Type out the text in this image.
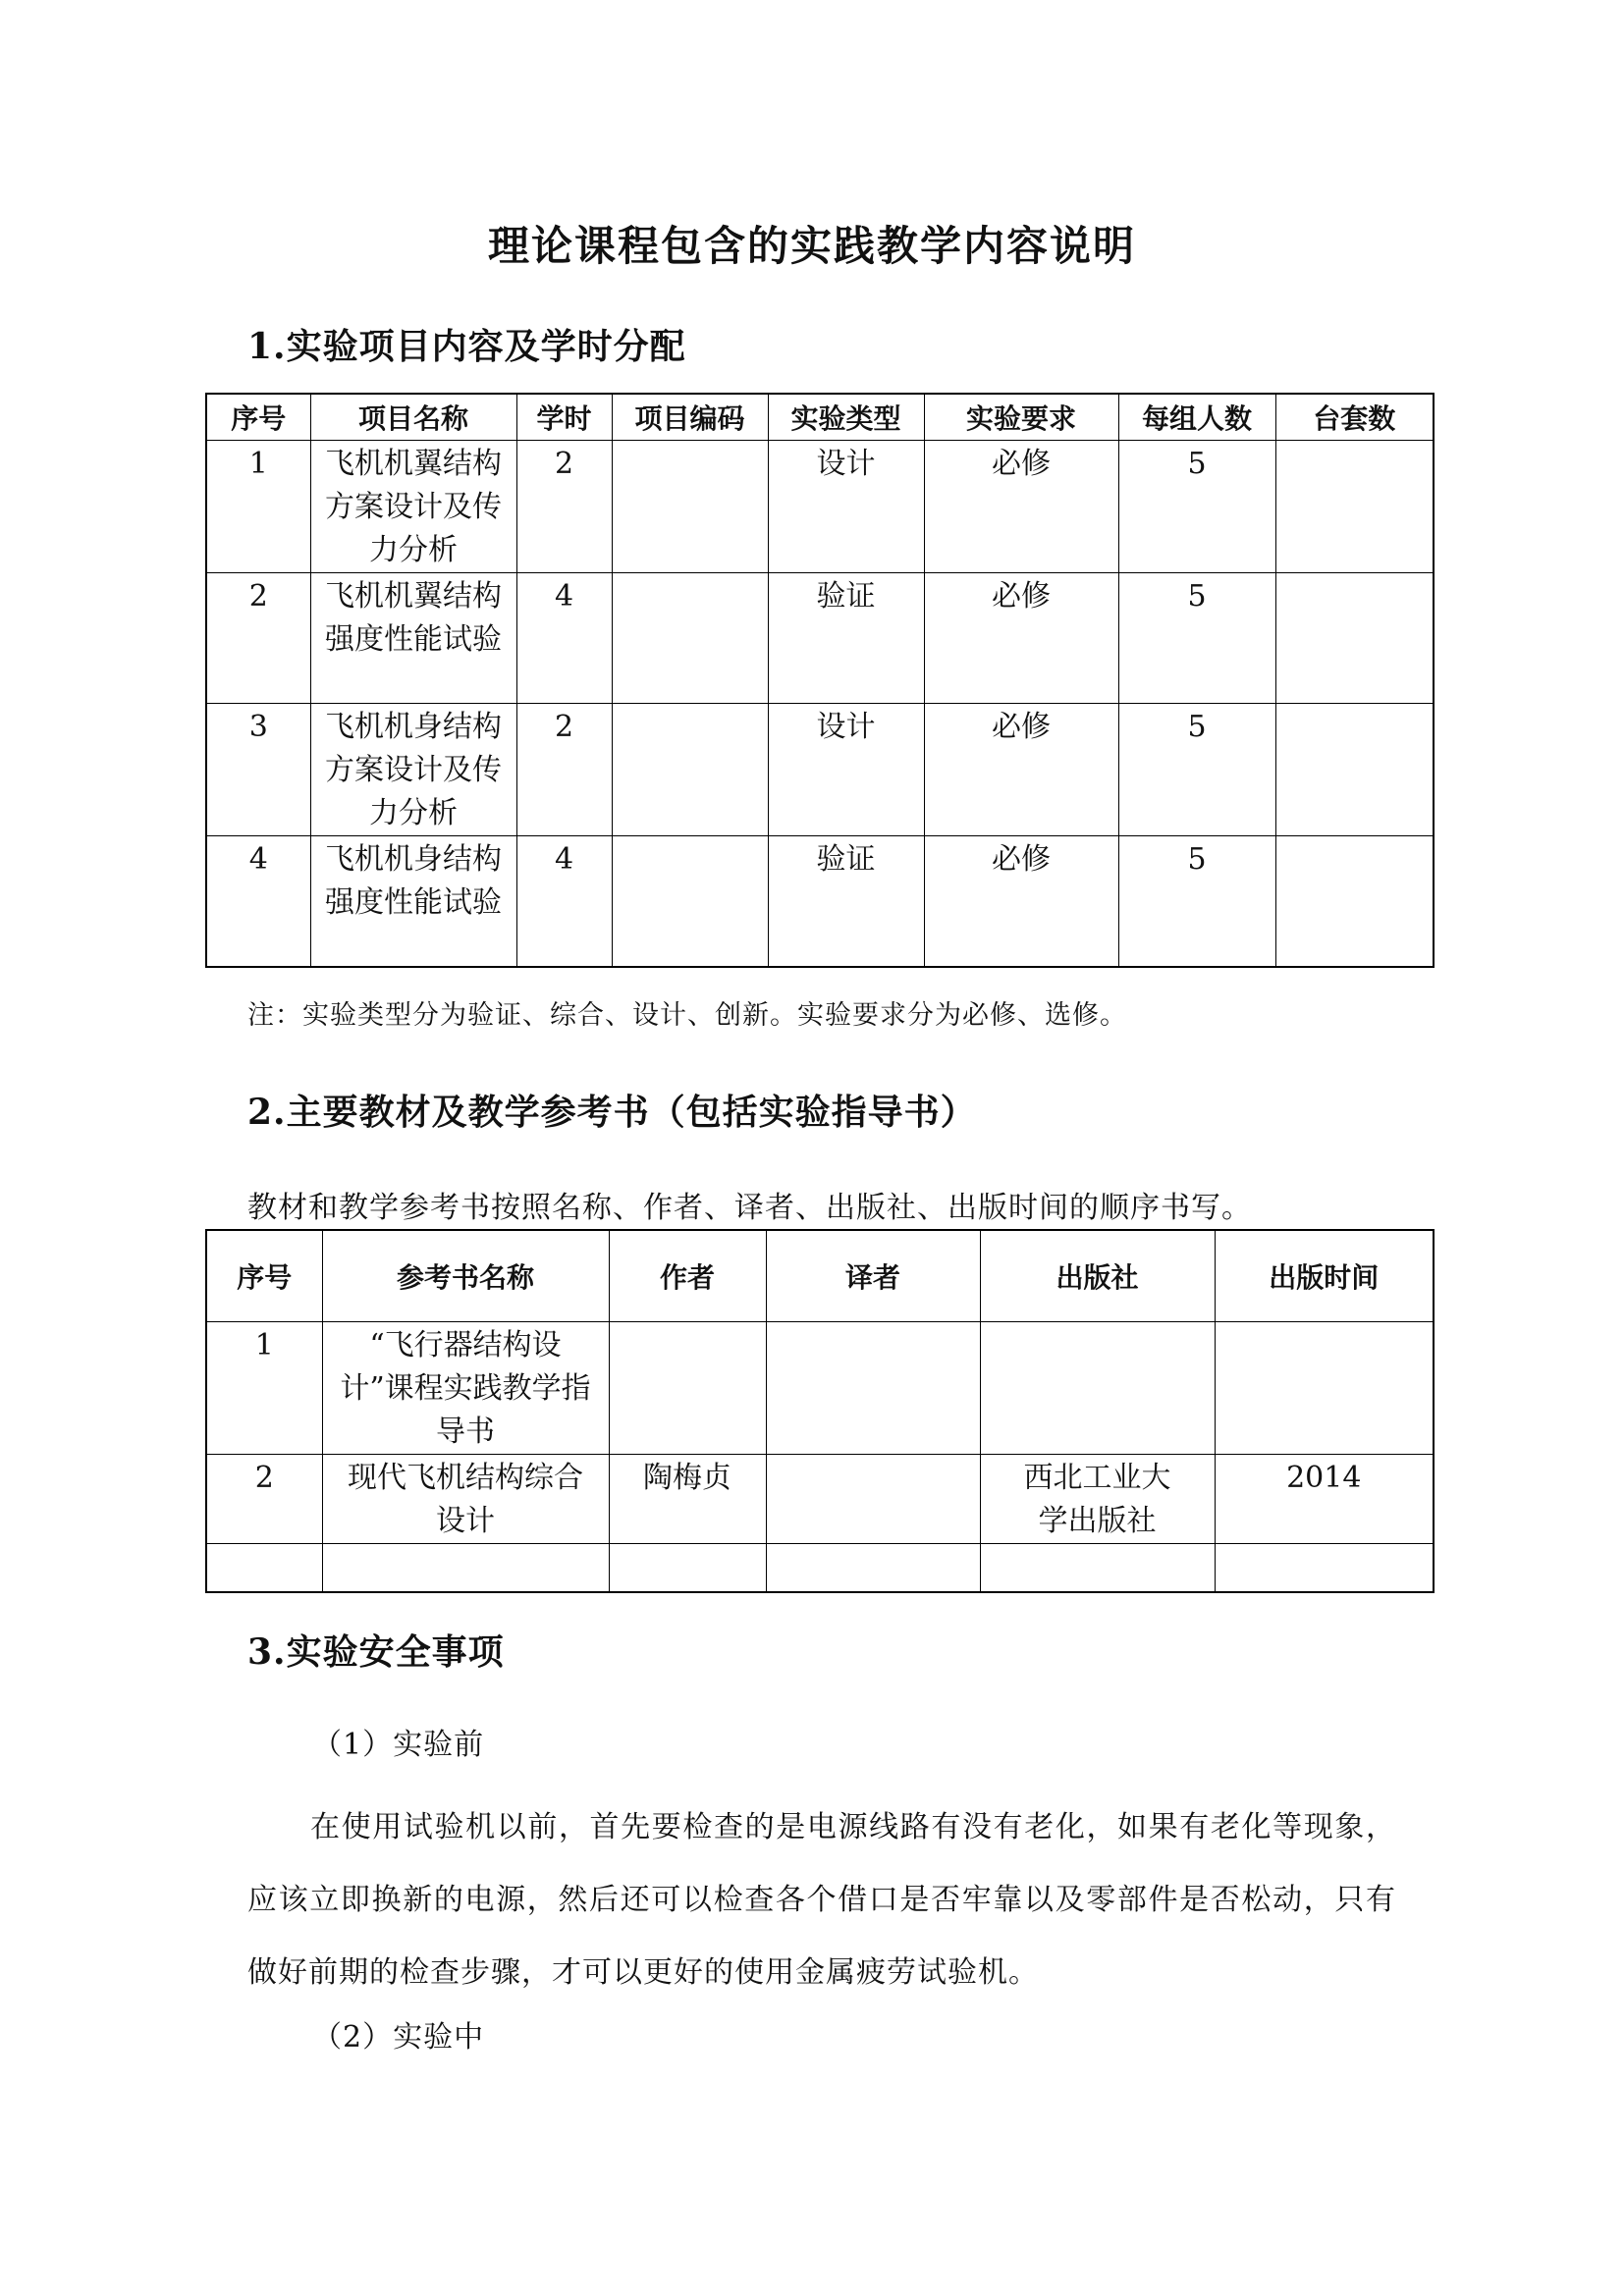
理论课程包含的实践教学内容说明
1.实验项目内容及学时分配
序号	项目名称	学时	项目编码	实验类型	实验要求	每组人数	台套数
1	飞机机翼结构方案设计及传力分析	2		设计	必修	5	
2	飞机机翼结构强度性能试验	4		验证	必修	5	
3	飞机机身结构方案设计及传力分析	2		设计	必修	5	
4	飞机机身结构强度性能试验	4		验证	必修	5	
注：实验类型分为验证、综合、设计、创新。实验要求分为必修、选修。
2.主要教材及教学参考书（包括实验指导书）
教材和教学参考书按照名称、作者、译者、出版社、出版时间的顺序书写。
序号	参考书名称	作者	译者	出版社	出版时间
1	“飞行器结构设计”课程实践教学指导书				
2	现代飞机结构综合设计	陶梅贞		西北工业大学出版社	2014

3.实验安全事项
（1）实验前
在使用试验机以前，首先要检查的是电源线路有没有老化，如果有老化等现象，应该立即换新的电源，然后还可以检查各个借口是否牢靠以及零部件是否松动，只有做好前期的检查步骤，才可以更好的使用金属疲劳试验机。
（2）实验中
